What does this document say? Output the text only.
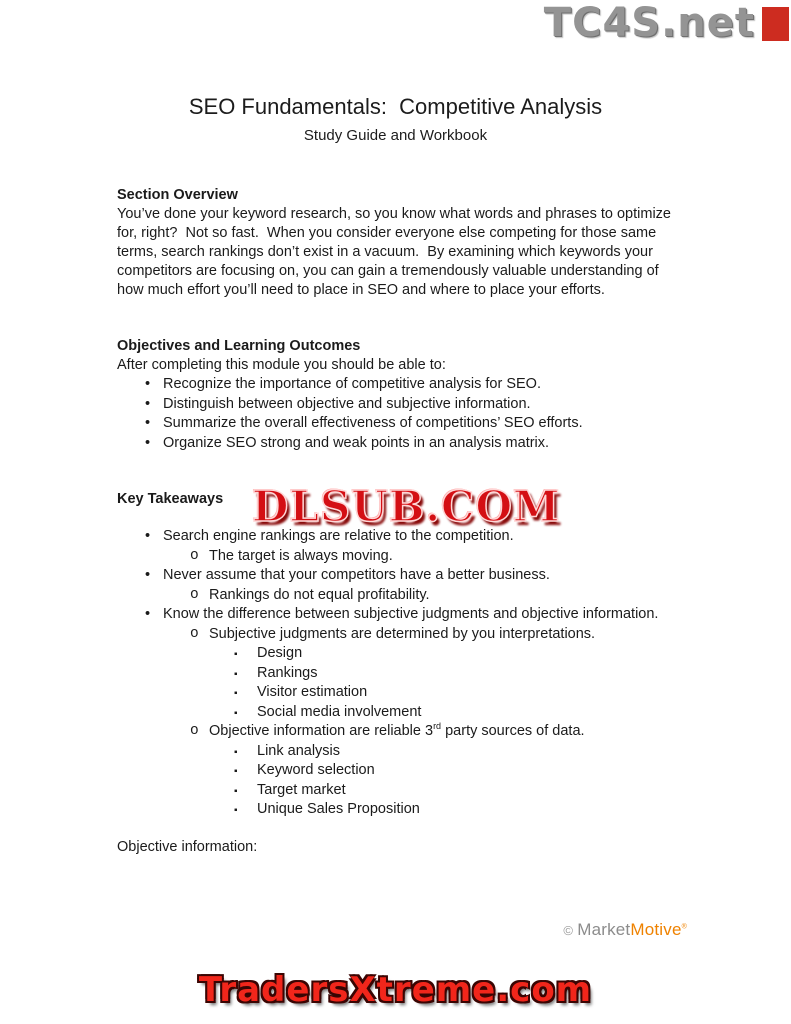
TC4S.net
SEO Fundamentals:  Competitive Analysis
Study Guide and Workbook
Section Overview
You’ve done your keyword research, so you know what words and phrases to optimize for, right?  Not so fast.  When you consider everyone else competing for those same terms, search rankings don’t exist in a vacuum.  By examining which keywords your competitors are focusing on, you can gain a tremendously valuable understanding of how much effort you’ll need to place in SEO and where to place your efforts.
Objectives and Learning Outcomes
After completing this module you should be able to:
• Recognize the importance of competitive analysis for SEO.
• Distinguish between objective and subjective information.
• Summarize the overall effectiveness of competitions’ SEO efforts.
• Organize SEO strong and weak points in an analysis matrix.
Key Takeaways
• Search engine rankings are relative to the competition.
o The target is always moving.
• Never assume that your competitors have a better business.
o Rankings do not equal profitability.
• Know the difference between subjective judgments and objective information.
o Subjective judgments are determined by you interpretations.
▪ Design
▪ Rankings
▪ Visitor estimation
▪ Social media involvement
o Objective information are reliable 3rd party sources of data.
▪ Link analysis
▪ Keyword selection
▪ Target market
▪ Unique Sales Proposition
Objective information:
DLSUB.COM
© MarketMotive®
TradersXtreme.com
